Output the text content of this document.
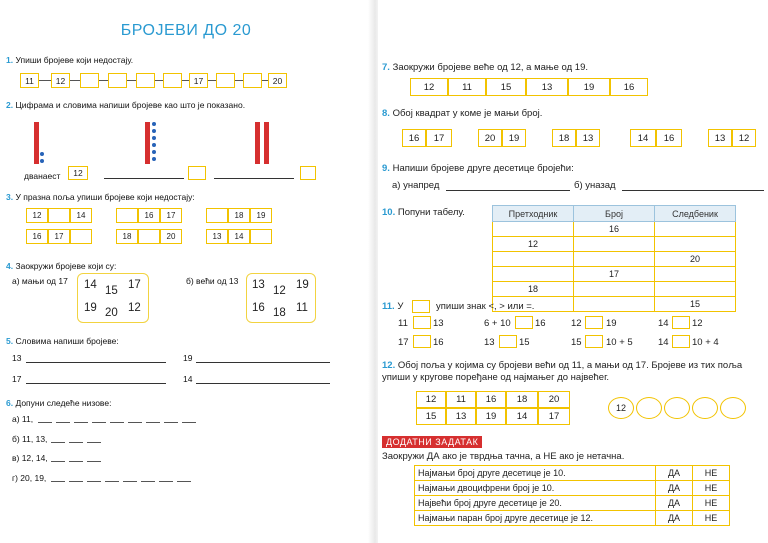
БРОЈЕВИ ДО 20
1. Упиши бројеве који недостају.
11	12	17	20
2. Цифрама и словима напиши бројеве као што је показано.
дванаест	12
3. У празна поља упиши бројеве који недостају:
12	14	16	17	18	19
16	17	18	20	13	14
4. Заокружи бројеве који су:
а) мањи од 17	б) већи од 13
14 15 17
19 20 12
13 12 19
16 18 11
5. Словима напиши бројеве:
13	19
17	14
6. Допуни следеће низове:
а) 11,
б) 11, 13,
в) 12, 14,
г) 20, 19,
7. Заокружи бројеве веће од 12, а мање од 19.
12	11	15	13	19	16
8. Обој квадрат у коме је мањи број.
16	17	20	19	18	13	14	16	13	12
9. Напиши бројеве друге десетице бројећи:
а) унапред	б) уназад
10. Попуни табелу.	Претходник	Број	Следбеник
	16	
12		
		20
	17	
18		
		15
11. У	упиши знак <, > или =.
11	13	6 + 10	16	12	19	14 12
17	16	13	15	15	10 + 5	14 10 + 4
12. Обој поља у којима су бројеви већи од 11, а мањи од 17. Бројеве из тих поља упиши у кругове поређане од најмањег до највећег.
12	11	16	18	20
15	13	19	14	17
12
ДОДАТНИ ЗАДАТАК
Заокружи ДА ако је тврдња тачна, а НЕ ако је нетачна.
Најмањи број друге десетице је 10.	ДА	НЕ
Најмањи двоцифрени број је 10.	ДА	НЕ
Највећи број друге десетице је 20.	ДА	НЕ
Најмањи паран број друге десетице је 12.	ДА	НЕ
